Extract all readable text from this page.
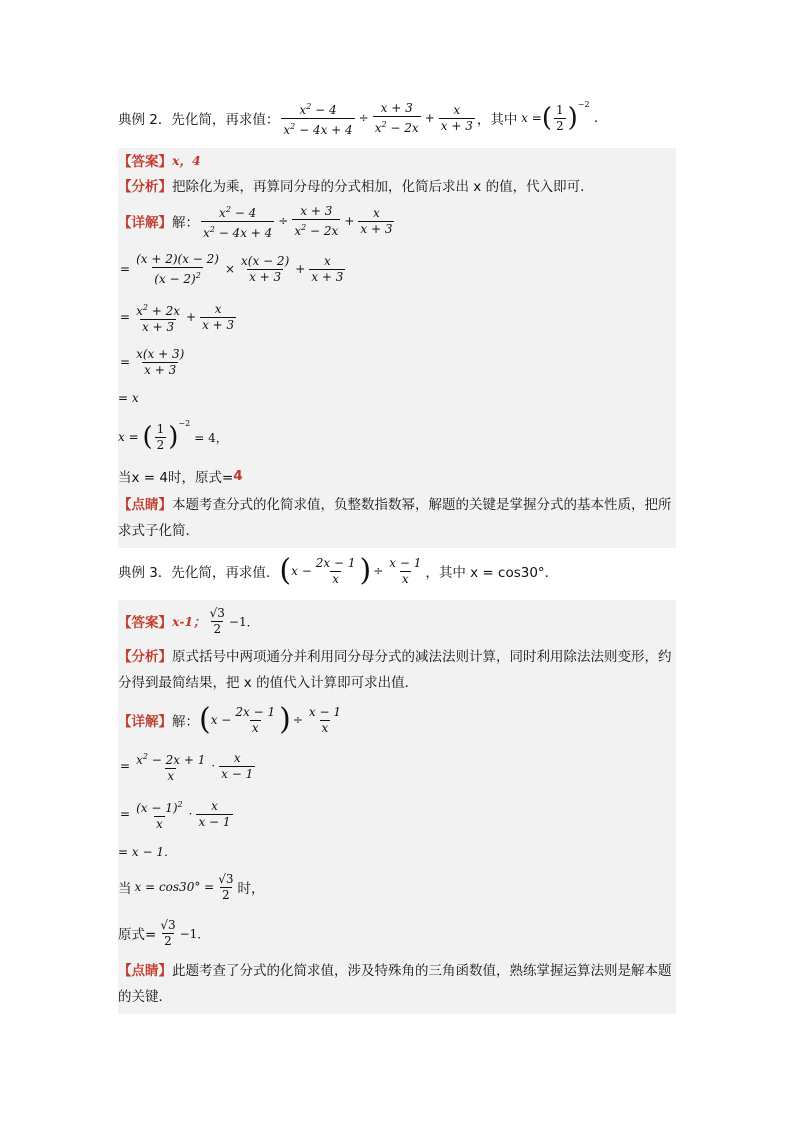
典例 2．先化简，再求值： $\frac{x^2 - 4}{x^2 - 4x + 4} \div \frac{x + 3}{x^2 - 2x} + \frac{x}{x + 3}$ ，其中 x = ( $\frac{1}{2}$ ) −2
.
【答案】 x，4
【分析】 把除化为乘，再算同分母的分式相加，化简后求出 x 的值，代入即可．
【详解】 解： $\frac{x^2 - 4}{x^2 - 4x + 4} \div \frac{x + 3}{x^2 - 2x} + \frac{x}{x + 3}$
= $\frac{(x + 2)(x - 2)}{(x - 2)^2} \times \frac{x(x - 2)}{x + 3} + \frac{x}{x + 3}$
= $\frac{x^2 + 2x}{x + 3} + \frac{x}{x + 3}$
= $\frac{x(x + 3)}{x + 3}$
= x
x = ( $\frac{1}{2}$ ) −2
= 4，
当 x = 4时，原式= 4
【点睛】本题考查分式的化简求值，负整数指数幂，解题的关键是掌握分式的基本性质，把所求式子化简．
典例 3．先化简，再求值． ( $x - \frac{2x - 1}{x}$ ) ÷ $\frac{x - 1}{x}$ ，其中 x = cos30°．
【答案】 x-1； $\frac{√3}{2} -1$．
【分析】原式括号中两项通分并利用同分母分式的减法法则计算，同时利用除法法则变形，约分得到最简结果，把 x 的值代入计算即可求出值．
【详解】 解： ( $x - \frac{2x - 1}{x}$ ) ÷ $\frac{x - 1}{x}$
= $\frac{x^2 - 2x + 1}{x} \cdot \frac{x}{x - 1}$
= $\frac{(x - 1)^2}{x} \cdot \frac{x}{x - 1}$
= x − 1．
当 $x = \cos 30^\circ = \frac{√3}{2}$ 时，
原式= $\frac{√3}{2} -1$．
【点睛】此题考查了分式的化简求值，涉及特殊角的三角函数值，熟练掌握运算法则是解本题的关键．
